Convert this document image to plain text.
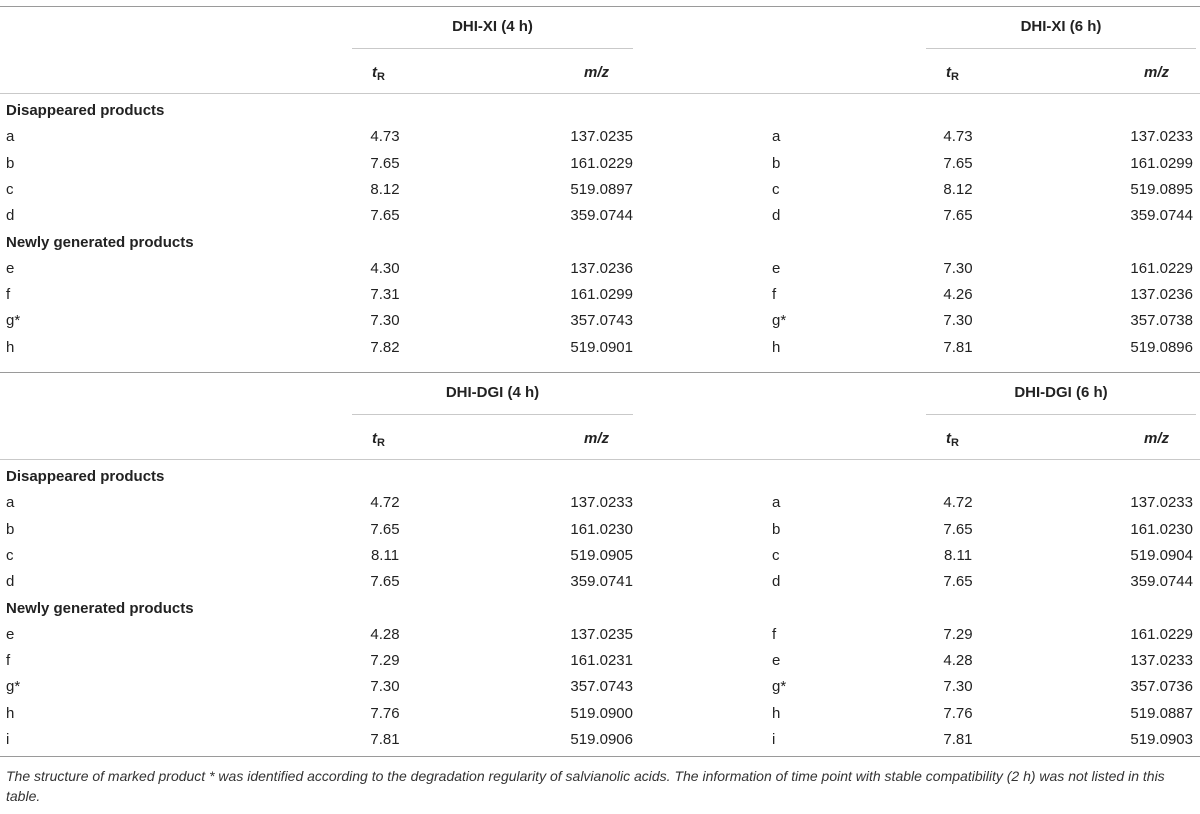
DHI-XI (4 h)
$t_R$	m/z
DHI-XI (6 h)
$t_R$	m/z
Disappeared products
a	4.73	137.0235	a	4.73	137.0233
b	7.65	161.0229	b	7.65	161.0299
c	8.12	519.0897	c	8.12	519.0895
d	7.65	359.0744	d	7.65	359.0744
Newly generated products
e	4.30	137.0236	e	7.30	161.0229
f	7.31	161.0299	f	4.26	137.0236
g*	7.30	357.0743	g*	7.30	357.0738
h	7.82	519.0901	h	7.81	519.0896
DHI-DGI (4 h)
$t_R$	m/z
DHI-DGI (6 h)
$t_R$	m/z
Disappeared products
a	4.72	137.0233	a	4.72	137.0233
b	7.65	161.0230	b	7.65	161.0230
c	8.11	519.0905	c	8.11	519.0904
d	7.65	359.0741	d	7.65	359.0744
Newly generated products
e	4.28	137.0235	f	7.29	161.0229
f	7.29	161.0231	e	4.28	137.0233
g*	7.30	357.0743	g*	7.30	357.0736
h	7.76	519.0900	h	7.76	519.0887
i	7.81	519.0906	i	7.81	519.0903
The structure of marked product * was identified according to the degradation regularity of salvianolic acids. The information of time point with stable compatibility (2 h) was not listed in this table.
